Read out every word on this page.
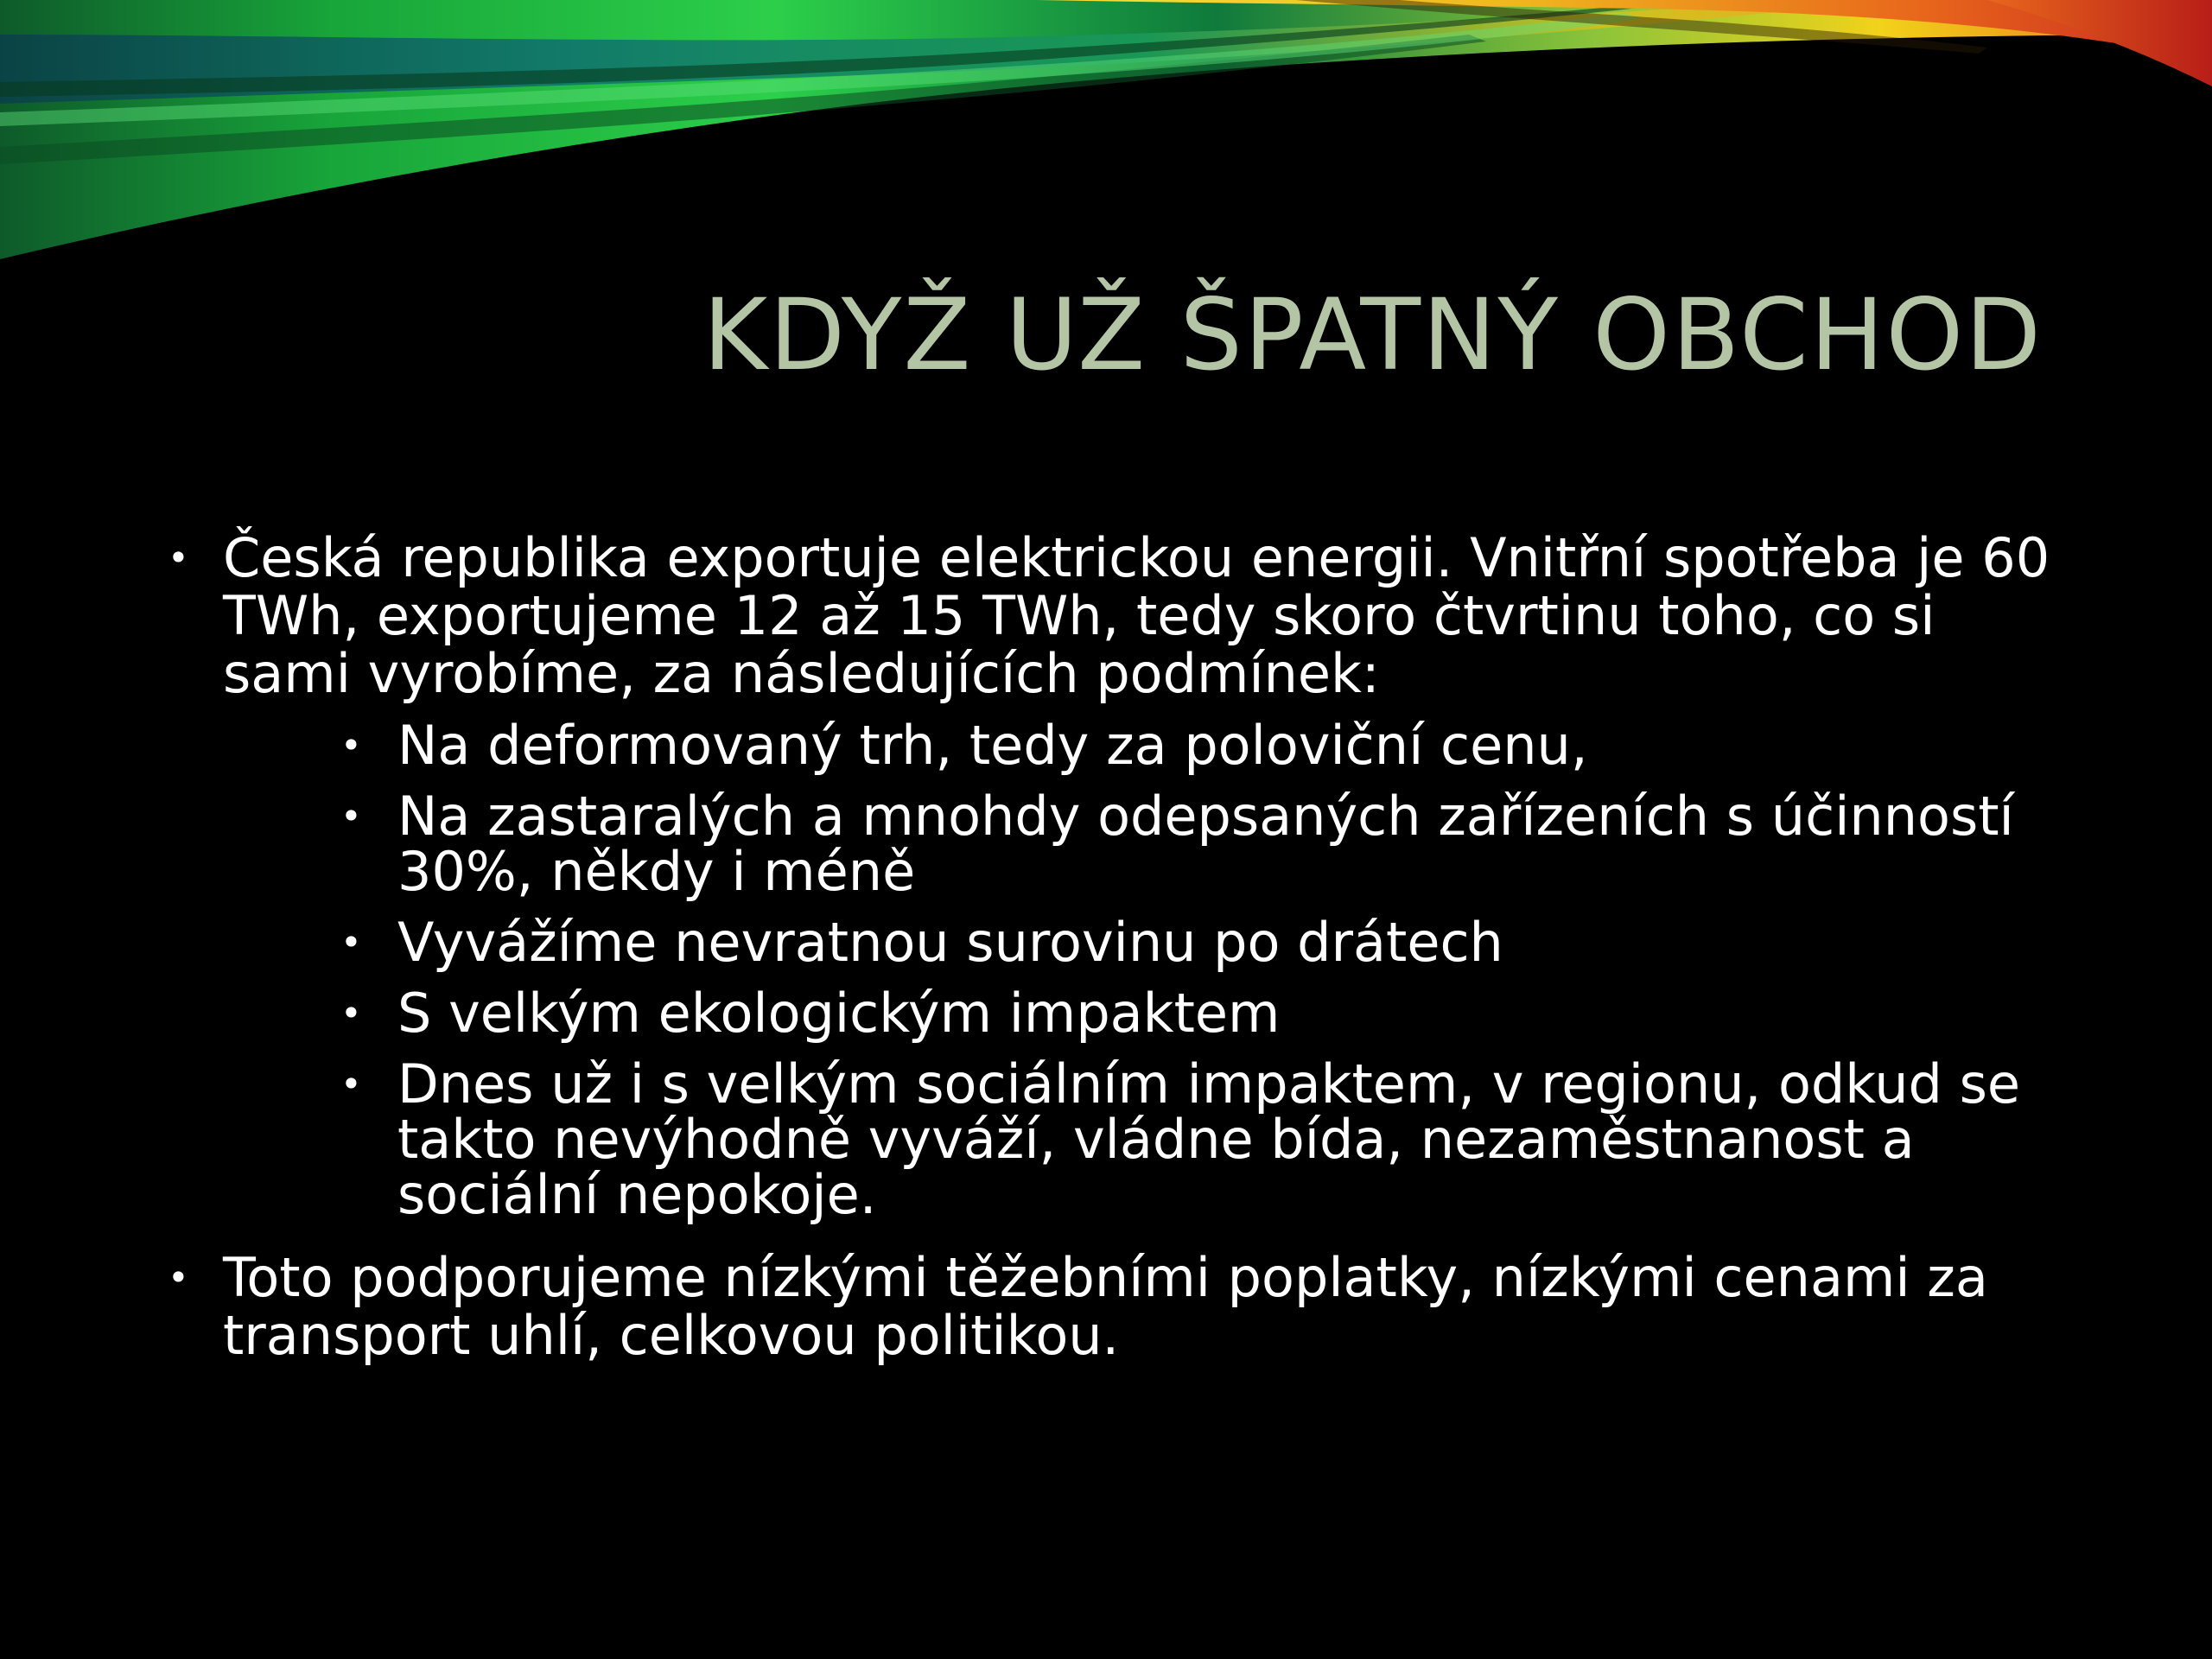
KDYŽ UŽ ŠPATNÝ OBCHOD
• Česká republika exportuje elektrickou energii. Vnitřní spotřeba je 60 TWh, exportujeme 12 až 15 TWh, tedy skoro čtvrtinu toho, co si sami vyrobíme, za následujících podmínek:
• Na deformovaný trh, tedy za poloviční cenu,
• Na zastaralých a mnohdy odepsaných zařízeních s účinností 30%, někdy i méně
• Vyvážíme nevratnou surovinu po drátech
• S velkým ekologickým impaktem
• Dnes už i s velkým sociálním impaktem, v regionu, odkud se takto nevýhodně vyváží, vládne bída, nezaměstnanost a sociální nepokoje.
• Toto podporujeme nízkými těžebními poplatky, nízkými cenami za transport uhlí, celkovou politikou.
